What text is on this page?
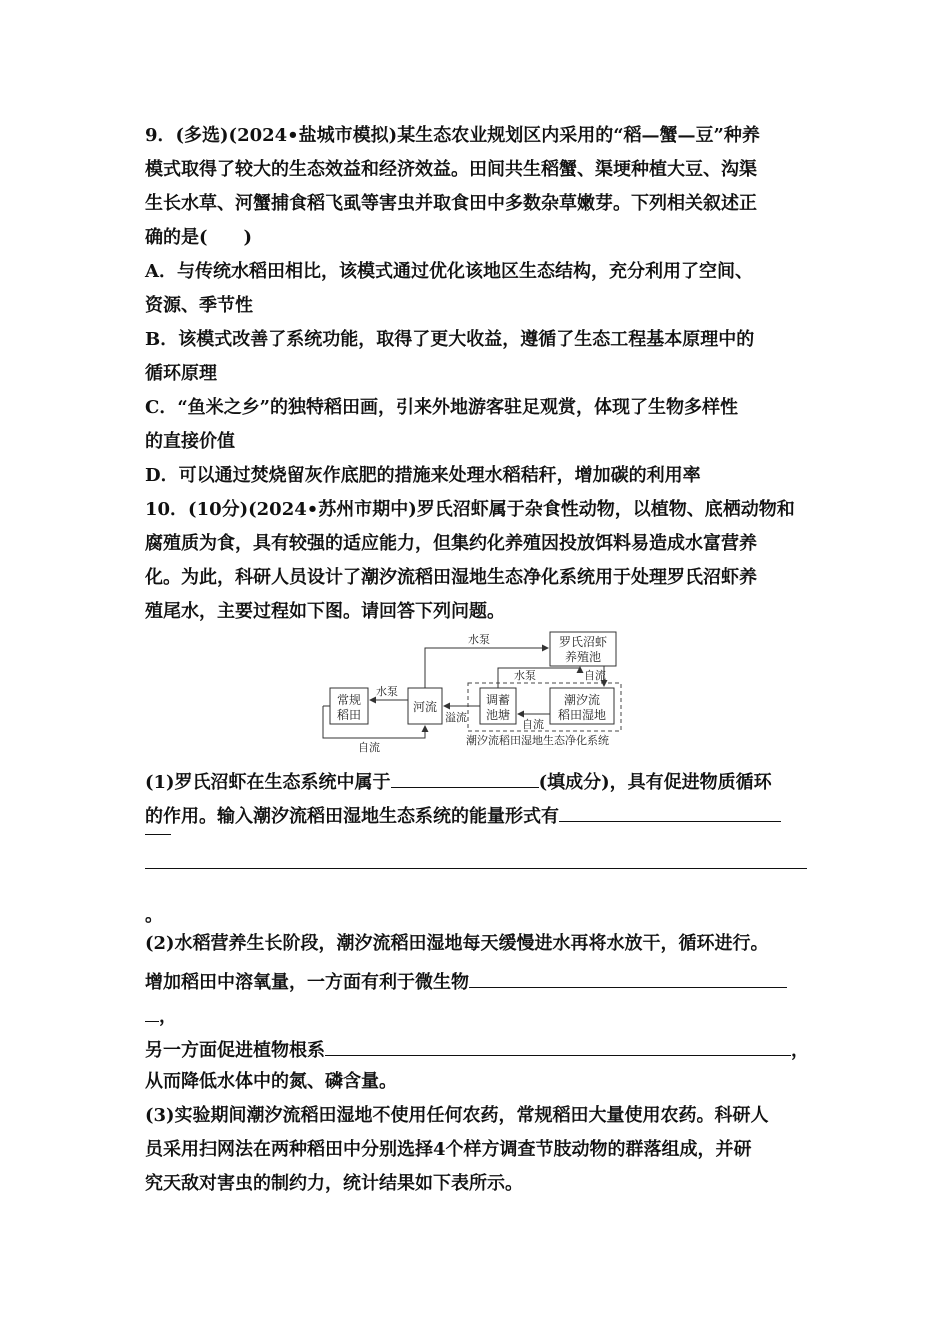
9．(多选)(2024•盐城市模拟)某生态农业规划区内采用的“稻—蟹—豆”种养
模式取得了较大的生态效益和经济效益。田间共生稻蟹、渠埂种植大豆、沟渠
生长水草、河蟹捕食稻飞虱等害虫并取食田中多数杂草嫩芽。下列相关叙述正
确的是(　　)
A．与传统水稻田相比，该模式通过优化该地区生态结构，充分利用了空间、
资源、季节性
B．该模式改善了系统功能，取得了更大收益，遵循了生态工程基本原理中的
循环原理
C．“鱼米之乡”的独特稻田画，引来外地游客驻足观赏，体现了生物多样性
的直接价值
D．可以通过焚烧留灰作底肥的措施来处理水稻秸秆，增加碳的利用率
10．(10分)(2024•苏州市期中)罗氏沼虾属于杂食性动物，以植物、底栖动物和
腐殖质为食，具有较强的适应能力，但集约化养殖因投放饵料易造成水富营养
化。为此，科研人员设计了潮汐流稻田湿地生态净化系统用于处理罗氏沼虾养
殖尾水，主要过程如下图。请回答下列问题。
潮汐流稻田湿地生态净化系统
常规
稻田
河流	调蓄
池塘
潮汐流
稻田湿地
罗氏沼虾
养殖池
水泵
水泵	自流
自流
溢流
水泵
自流
(1)罗氏沼虾在生态系统中属于	(填成分)，具有促进物质循环
的作用。输入潮汐流稻田湿地生态系统的能量形式有
。
(2)水稻营养生长阶段，潮汐流稻田湿地每天缓慢进水再将水放干，循环进行。
增加稻田中溶氧量，一方面有利于微生物
，
另一方面促进植物根系	，
从而降低水体中的氮、磷含量。
(3)实验期间潮汐流稻田湿地不使用任何农药，常规稻田大量使用农药。科研人
员采用扫网法在两种稻田中分别选择4个样方调查节肢动物的群落组成，并研
究天敌对害虫的制约力，统计结果如下表所示。
